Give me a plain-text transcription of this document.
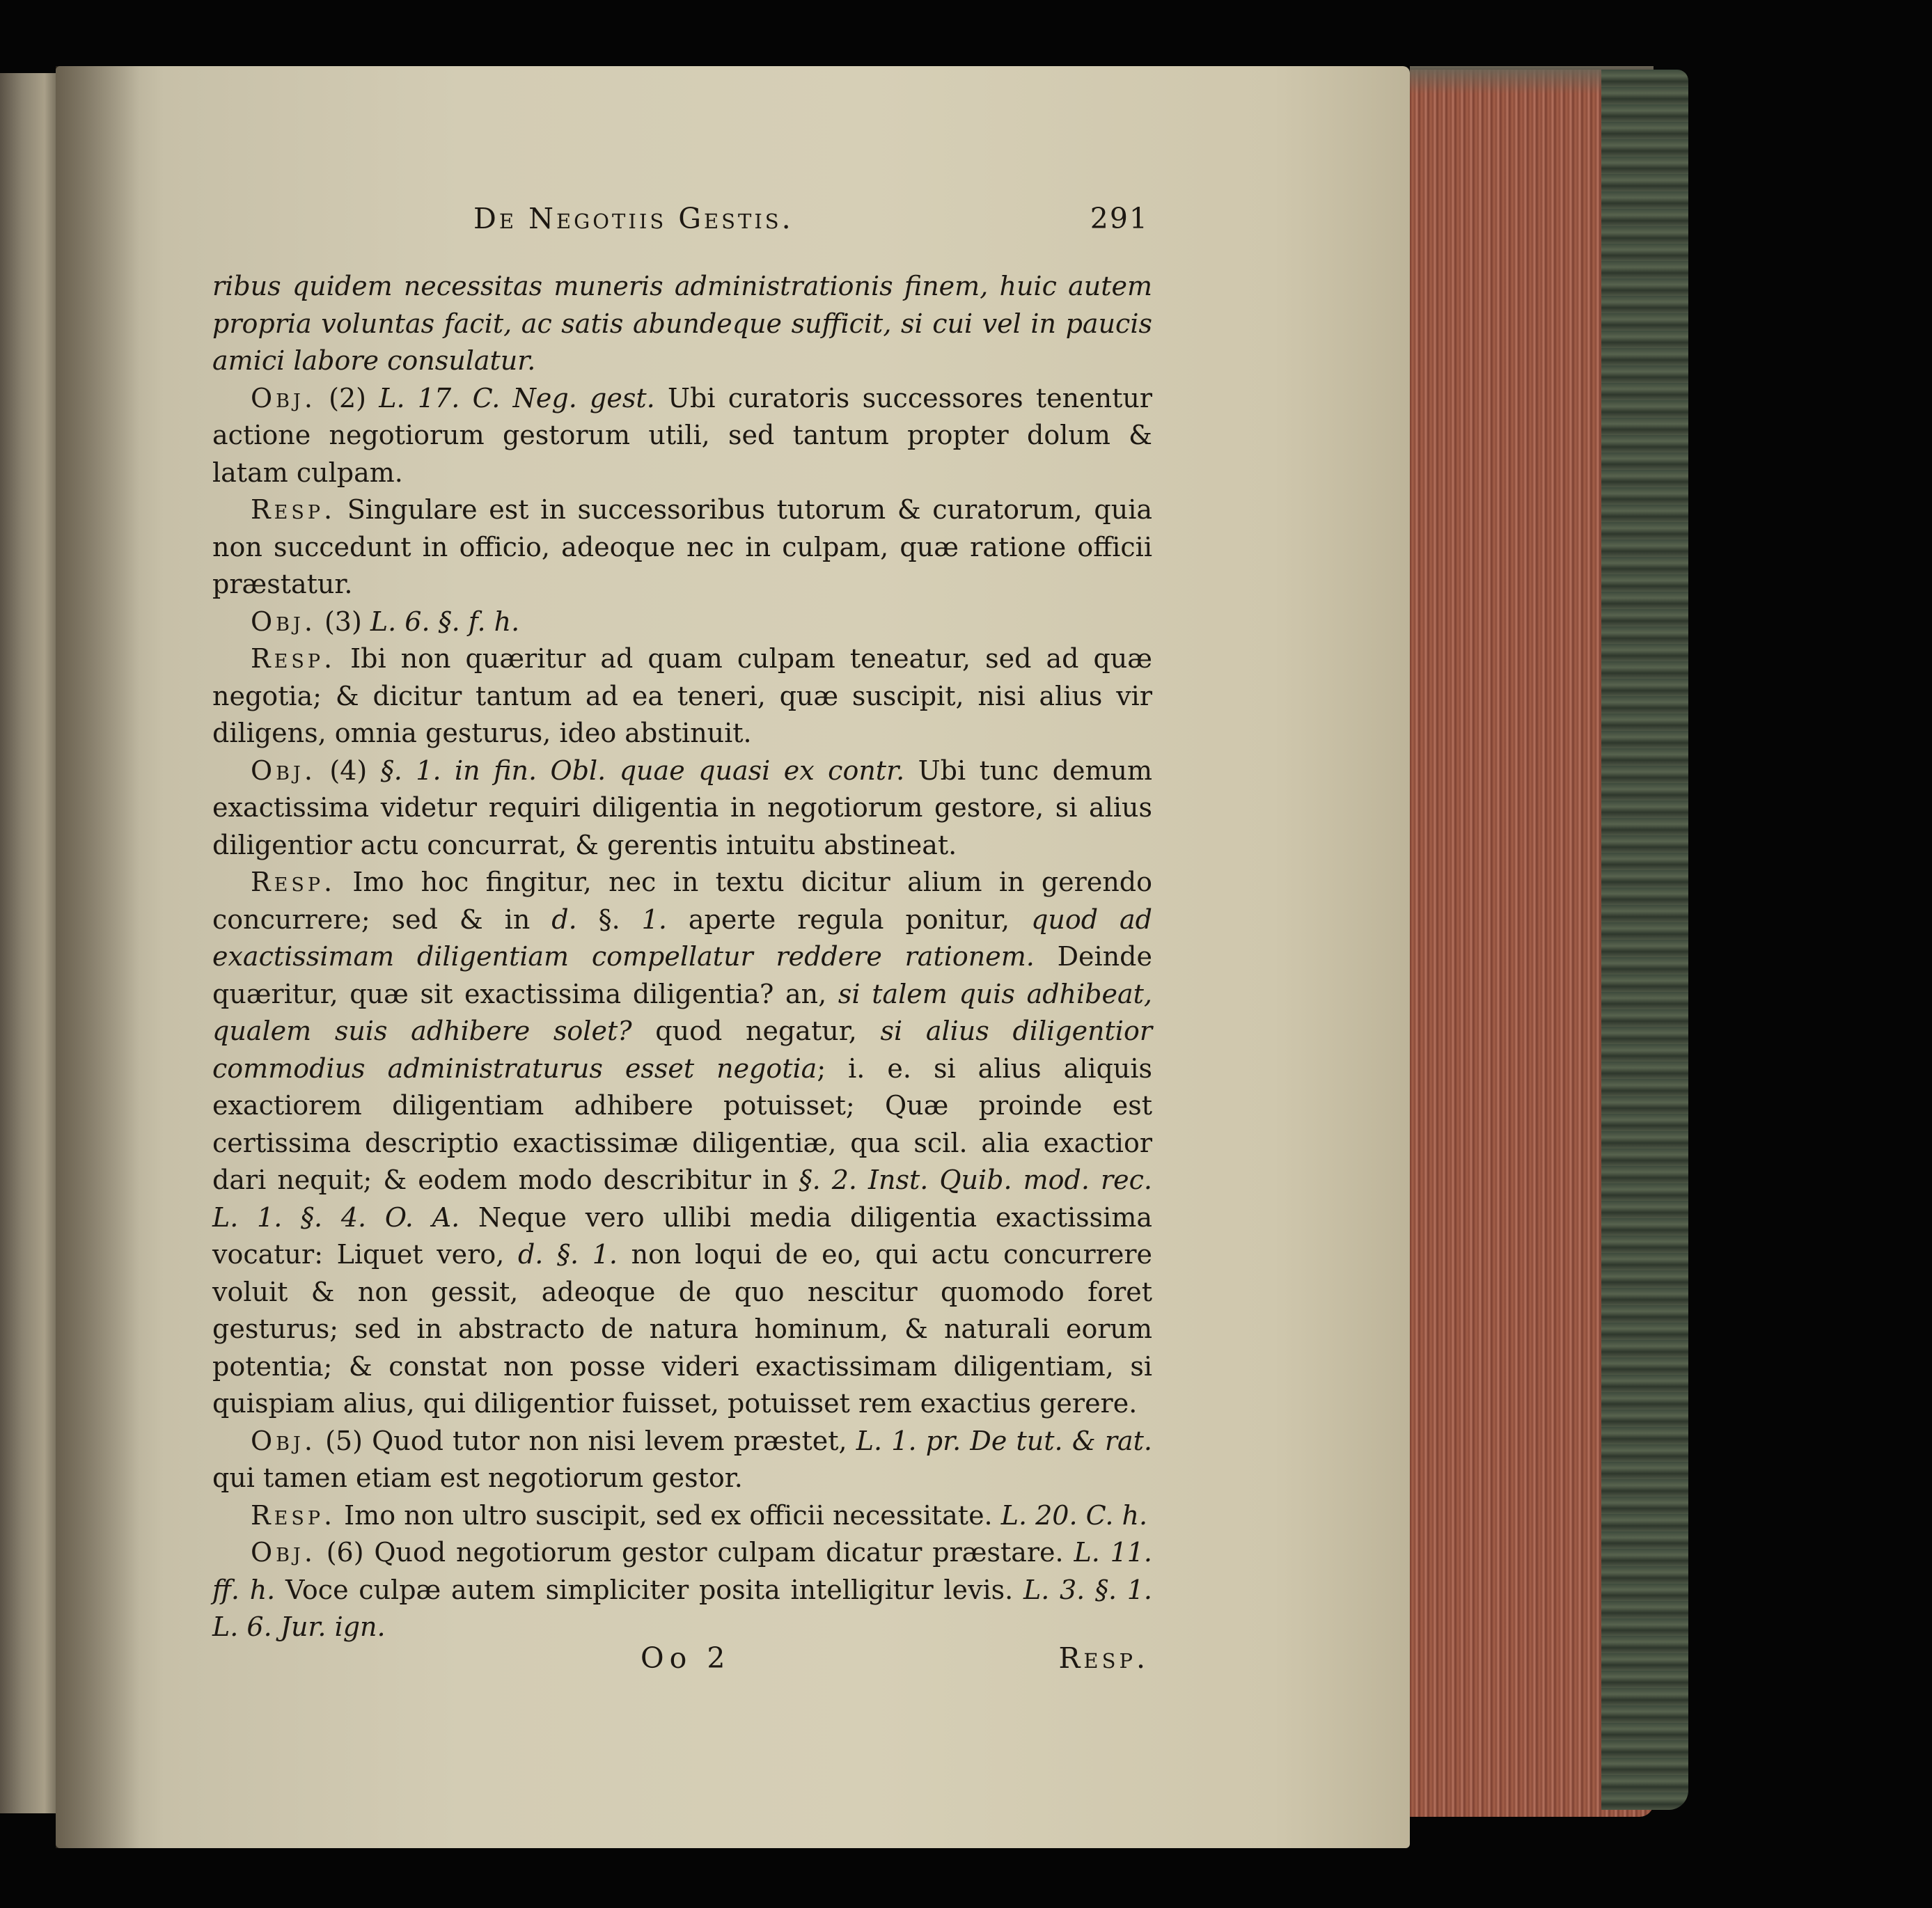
De Negotiis Gestis.	291

ribus quidem necessitas muneris administrationis finem, huic autem propria voluntas facit, ac satis abundeque sufficit, si cui vel in paucis amici labore consulatur.

Obj. (2) L. 17. C. Neg. gest. Ubi curatoris successores tenentur actione negotiorum gestorum utili, sed tantum propter dolum & latam culpam.

Resp. Singulare est in successoribus tutorum & curatorum, quia non succedunt in officio, adeoque nec in culpam, quæ ratione officii præstatur.

Obj. (3) L. 6. §. f. h.

Resp. Ibi non quæritur ad quam culpam teneatur, sed ad quæ negotia; & dicitur tantum ad ea teneri, quæ suscipit, nisi alius vir diligens, omnia gesturus, ideo abstinuit.

Obj. (4) §. 1. in fin. Obl. quae quasi ex contr. Ubi tunc demum exactissima videtur requiri diligentia in negotiorum gestore, si alius diligentior actu concurrat, & gerentis intuitu abstineat.

Resp. Imo hoc fingitur, nec in textu dicitur alium in gerendo concurrere; sed & in d. §. 1. aperte regula ponitur, quod ad exactissimam diligentiam compellatur reddere rationem. Deinde quæritur, quæ sit exactissima diligentia? an, si talem quis adhibeat, qualem suis adhibere solet? quod negatur, si alius diligentior commodius administraturus esset negotia; i. e. si alius aliquis exactiorem diligentiam adhibere potuisset; Quæ proinde est certissima descriptio exactissimæ diligentiæ, qua scil. alia exactior dari nequit; & eodem modo describitur in §. 2. Inst. Quib. mod. rec. L. 1. §. 4. O. A. Neque vero ullibi media diligentia exactissima vocatur: Liquet vero, d. §. 1. non loqui de eo, qui actu concurrere voluit & non gessit, adeoque de quo nescitur quomodo foret gesturus; sed in abstracto de natura hominum, & naturali eorum potentia; & constat non posse videri exactissimam diligentiam, si quispiam alius, qui diligentior fuisset, potuisset rem exactius gerere.

Obj. (5) Quod tutor non nisi levem præstet, L. 1. pr. De tut. & rat. qui tamen etiam est negotiorum gestor.

Resp. Imo non ultro suscipit, sed ex officii necessitate. L. 20. C. h.

Obj. (6) Quod negotiorum gestor culpam dicatur præstare. L. 11. ff. h. Voce culpæ autem simpliciter posita intelligitur levis. L. 3. §. 1. L. 6. Jur. ign.

Oo 2	Resp.
